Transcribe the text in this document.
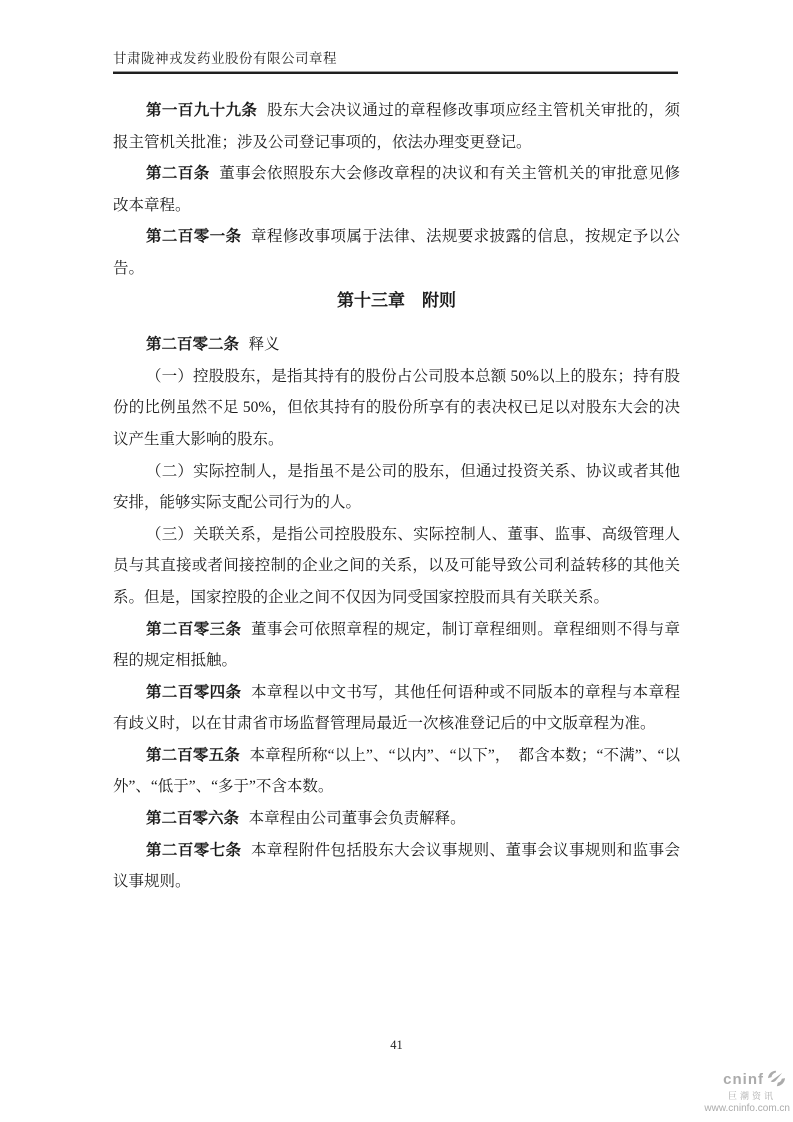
甘肃陇神戎发药业股份有限公司章程

第一百九十九条 股东大会决议通过的章程修改事项应经主管机关审批的，须报主管机关批准；涉及公司登记事项的，依法办理变更登记。

第二百条 董事会依照股东大会修改章程的决议和有关主管机关的审批意见修改本章程。

第二百零一条 章程修改事项属于法律、法规要求披露的信息，按规定予以公告。

第十三章　附则

第二百零二条 释义

（一）控股股东，是指其持有的股份占公司股本总额 50%以上的股东；持有股份的比例虽然不足 50%，但依其持有的股份所享有的表决权已足以对股东大会的决议产生重大影响的股东。

（二）实际控制人，是指虽不是公司的股东，但通过投资关系、协议或者其他安排，能够实际支配公司行为的人。

（三）关联关系，是指公司控股股东、实际控制人、董事、监事、高级管理人员与其直接或者间接控制的企业之间的关系，以及可能导致公司利益转移的其他关系。但是，国家控股的企业之间不仅因为同受国家控股而具有关联关系。

第二百零三条 董事会可依照章程的规定，制订章程细则。章程细则不得与章程的规定相抵触。

第二百零四条 本章程以中文书写，其他任何语种或不同版本的章程与本章程有歧义时，以在甘肃省市场监督管理局最近一次核准登记后的中文版章程为准。

第二百零五条 本章程所称“以上”、“以内”、“以下”，　都含本数；“不满”、“以外”、“低于”、“多于”不含本数。

第二百零六条 本章程由公司董事会负责解释。

第二百零七条 本章程附件包括股东大会议事规则、董事会议事规则和监事会议事规则。

41
cninf
巨潮资讯
www.cninfo.com.cn
